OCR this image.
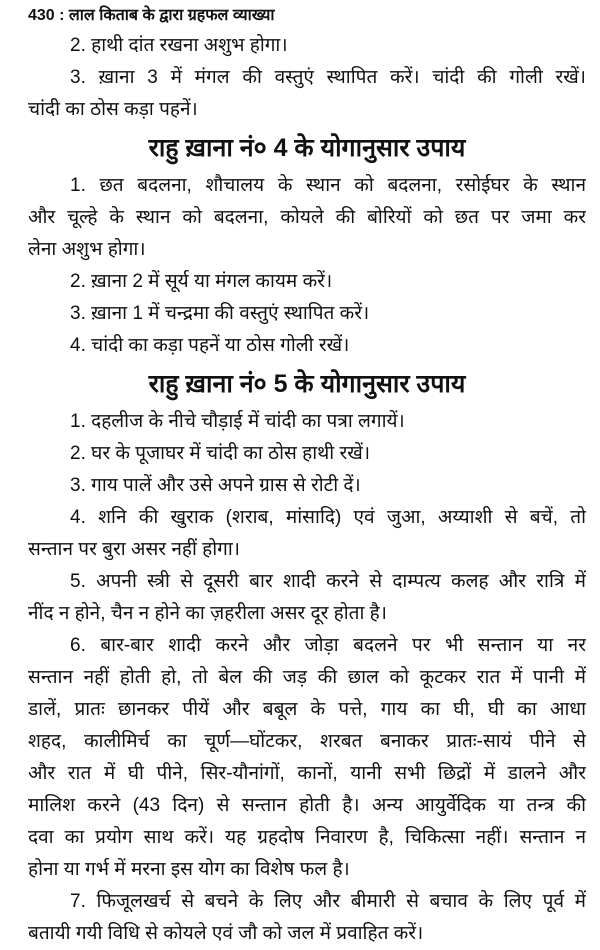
430 : लाल किताब के द्वारा ग्रहफल व्याख्या
2. हाथी दांत रखना अशुभ होगा।
3. ख़ाना 3 में मंगल की वस्तुएं स्थापित करें। चांदी की गोली रखें।
चांदी का ठोस कड़ा पहनें।
राहु ख़ाना नं० 4 के योगानुसार उपाय
1. छत बदलना, शौचालय के स्थान को बदलना, रसोईघर के स्थान
और चूल्हे के स्थान को बदलना, कोयले की बोरियों को छत पर जमा कर
लेना अशुभ होगा।
2. ख़ाना 2 में सूर्य या मंगल कायम करें।
3. ख़ाना 1 में चन्द्रमा की वस्तुएं स्थापित करें।
4. चांदी का कड़ा पहनें या ठोस गोली रखें।
राहु ख़ाना नं० 5 के योगानुसार उपाय
1. दहलीज के नीचे चौड़ाई में चांदी का पत्रा लगायें।
2. घर के पूजाघर में चांदी का ठोस हाथी रखें।
3. गाय पालें और उसे अपने ग्रास से रोटी दें।
4. शनि की खुराक (शराब, मांसादि) एवं जुआ, अय्याशी से बचें, तो
सन्तान पर बुरा असर नहीं होगा।
5. अपनी स्त्री से दूसरी बार शादी करने से दाम्पत्य कलह और रात्रि में
नींद न होने, चैन न होने का ज़हरीला असर दूर होता है।
6. बार-बार शादी करने और जोड़ा बदलने पर भी सन्तान या नर
सन्तान नहीं होती हो, तो बेल की जड़ की छाल को कूटकर रात में पानी में
डालें, प्रातः छानकर पीयें और बबूल के पत्ते, गाय का घी, घी का आधा
शहद, कालीमिर्च का चूर्ण—घोंटकर, शरबत बनाकर प्रातः-सायं पीने से
और रात में घी पीने, सिर-यौनांगों, कानों, यानी सभी छिद्रों में डालने और
मालिश करने (43 दिन) से सन्तान होती है। अन्य आयुर्वेदिक या तन्त्र की
दवा का प्रयोग साथ करें। यह ग्रहदोष निवारण है, चिकित्सा नहीं। सन्तान न
होना या गर्भ में मरना इस योग का विशेष फल है।
7. फिजूलखर्च से बचने के लिए और बीमारी से बचाव के लिए पूर्व में
बतायी गयी विधि से कोयले एवं जौ को जल में प्रवाहित करें।
